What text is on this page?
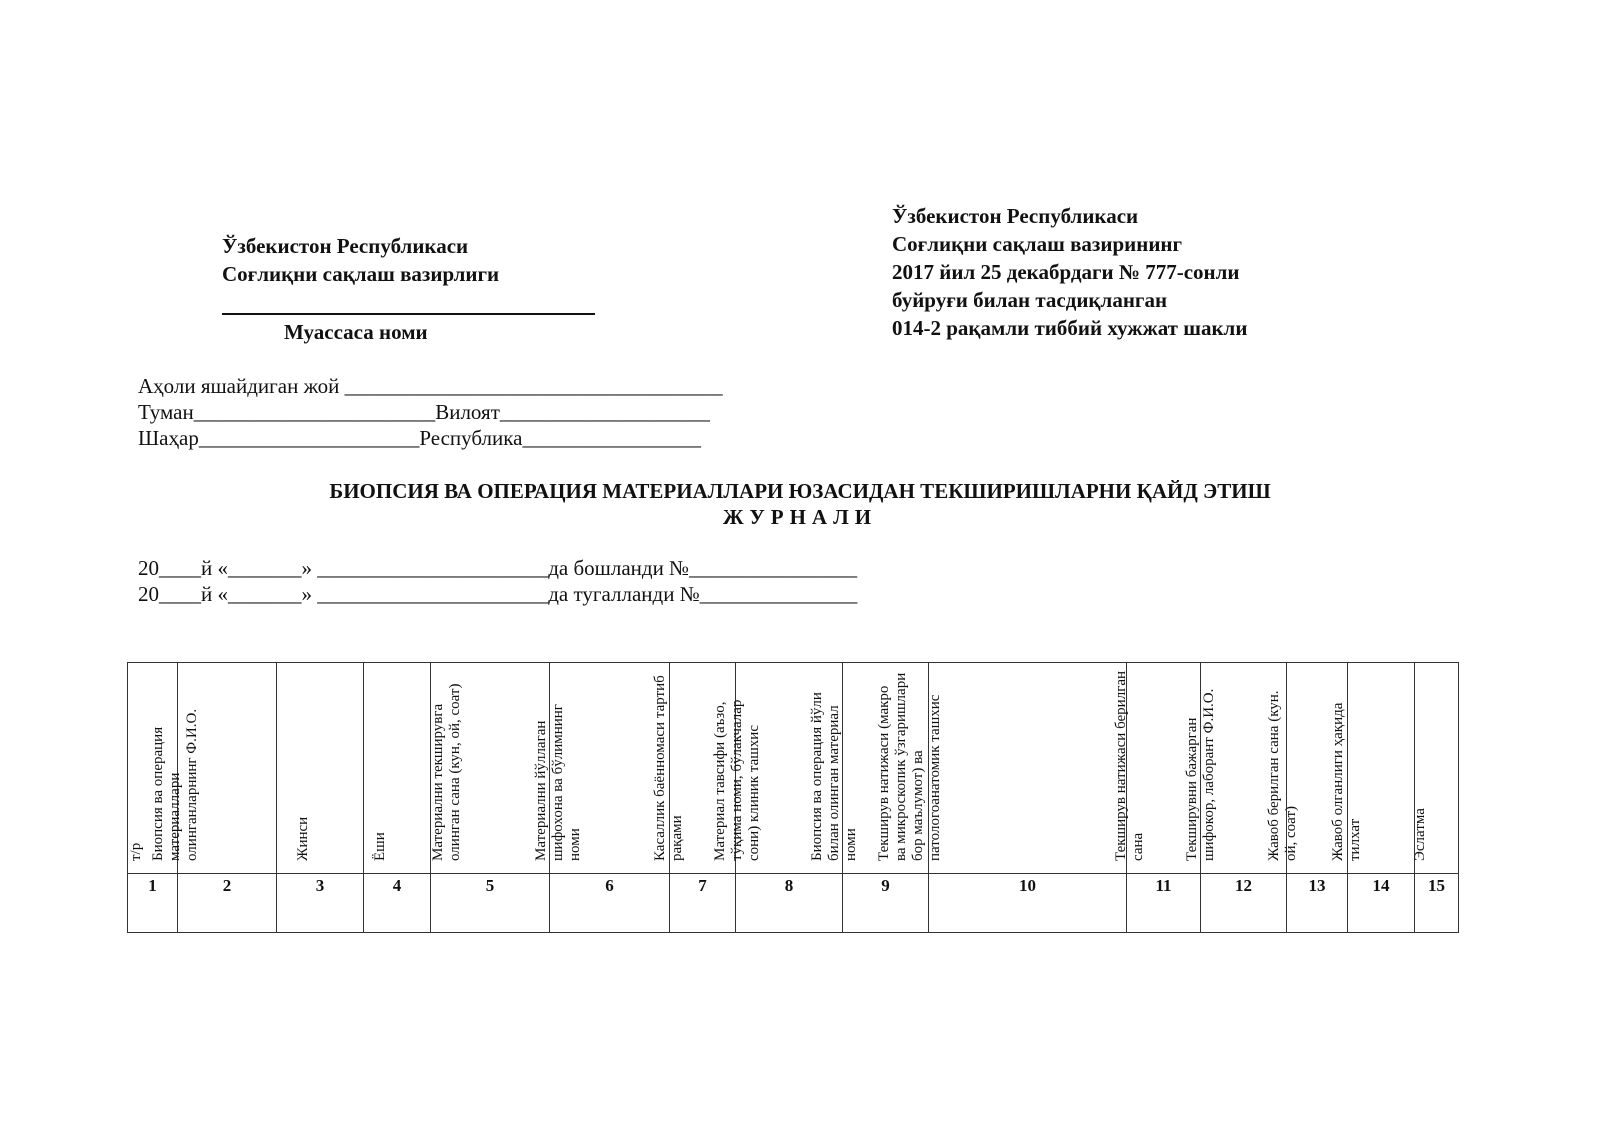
Ўзбекистон Республикаси
Соғлиқни сақлаш вазирлиги
Муассаса номи
Ўзбекистон Республикаси
Соғлиқни сақлаш вазирининг
2017 йил 25 декабрдаги № 777-сонли
буйруғи билан тасдиқланган
014-2 рақамли тиббий хужжат шакли
Аҳоли яшайдиган жой ____________________________________
Туман_______________________Вилоят____________________
Шаҳар_____________________Республика_________________
БИОПСИЯ ВА ОПЕРАЦИЯ МАТЕРИАЛЛАРИ ЮЗАСИДАН ТЕКШИРИШЛАРНИ ҚАЙД ЭТИШ
ЖУРНАЛИ
20____й «_______» ______________________да бошланди №________________
20____й «_______» ______________________да тугалланди №_______________
т/р	Биопсия ва операция материаллари олинганларнинг Ф.И.О.	Жинси	Ёши	Материални текширувга олинган сана (кун, ой, соат)	Материални йўллаган шифохона ва бўлимнинг номи	Касаллик баённомаси тартиб рақами	Материал тавсифи (аъзо, тўқима номи, бўлакчалар сони) клиник ташхис	Биопсия ва операция йўли билан олинган материал номи	Текширув натижаси (макро ва микроскопик ўзгаришлари бор маълумот) ва патологоанатомик ташхис	Текширув натижаси берилган сана	Текширувни бажарган шифокор, лаборант Ф.И.О.	Жавоб берилган сана (кун. ой, соат)	Жавоб олганлиги ҳақида тилхат	Эслатма

1	2	3	4	5	6	7	8	9	10	11	12	13	14	15
